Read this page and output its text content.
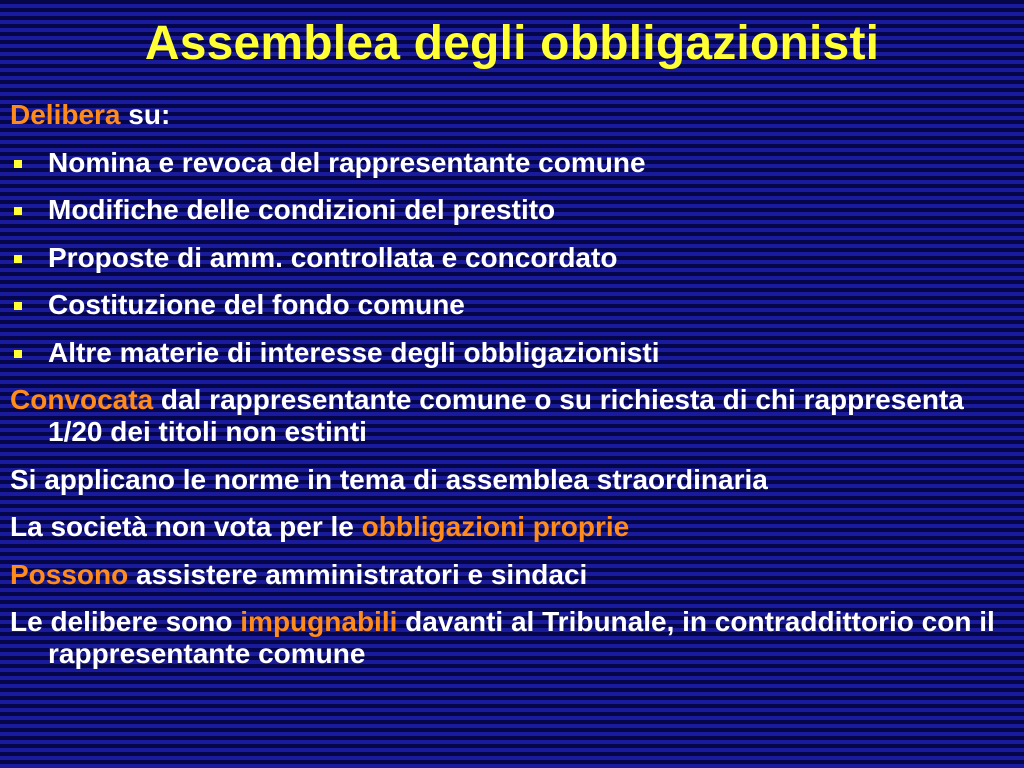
Assemblea degli obbligazionisti
Delibera su:
Nomina e revoca del rappresentante comune
Modifiche delle condizioni del prestito
Proposte di amm. controllata e concordato
Costituzione del fondo comune
Altre materie di interesse degli obbligazionisti
Convocata dal rappresentante comune o su richiesta di chi rappresenta 1/20 dei titoli non estinti
Si applicano le norme in tema di assemblea straordinaria
La società non vota per le obbligazioni proprie
Possono assistere amministratori e sindaci
Le delibere sono impugnabili davanti al Tribunale, in contraddittorio con il rappresentante comune
